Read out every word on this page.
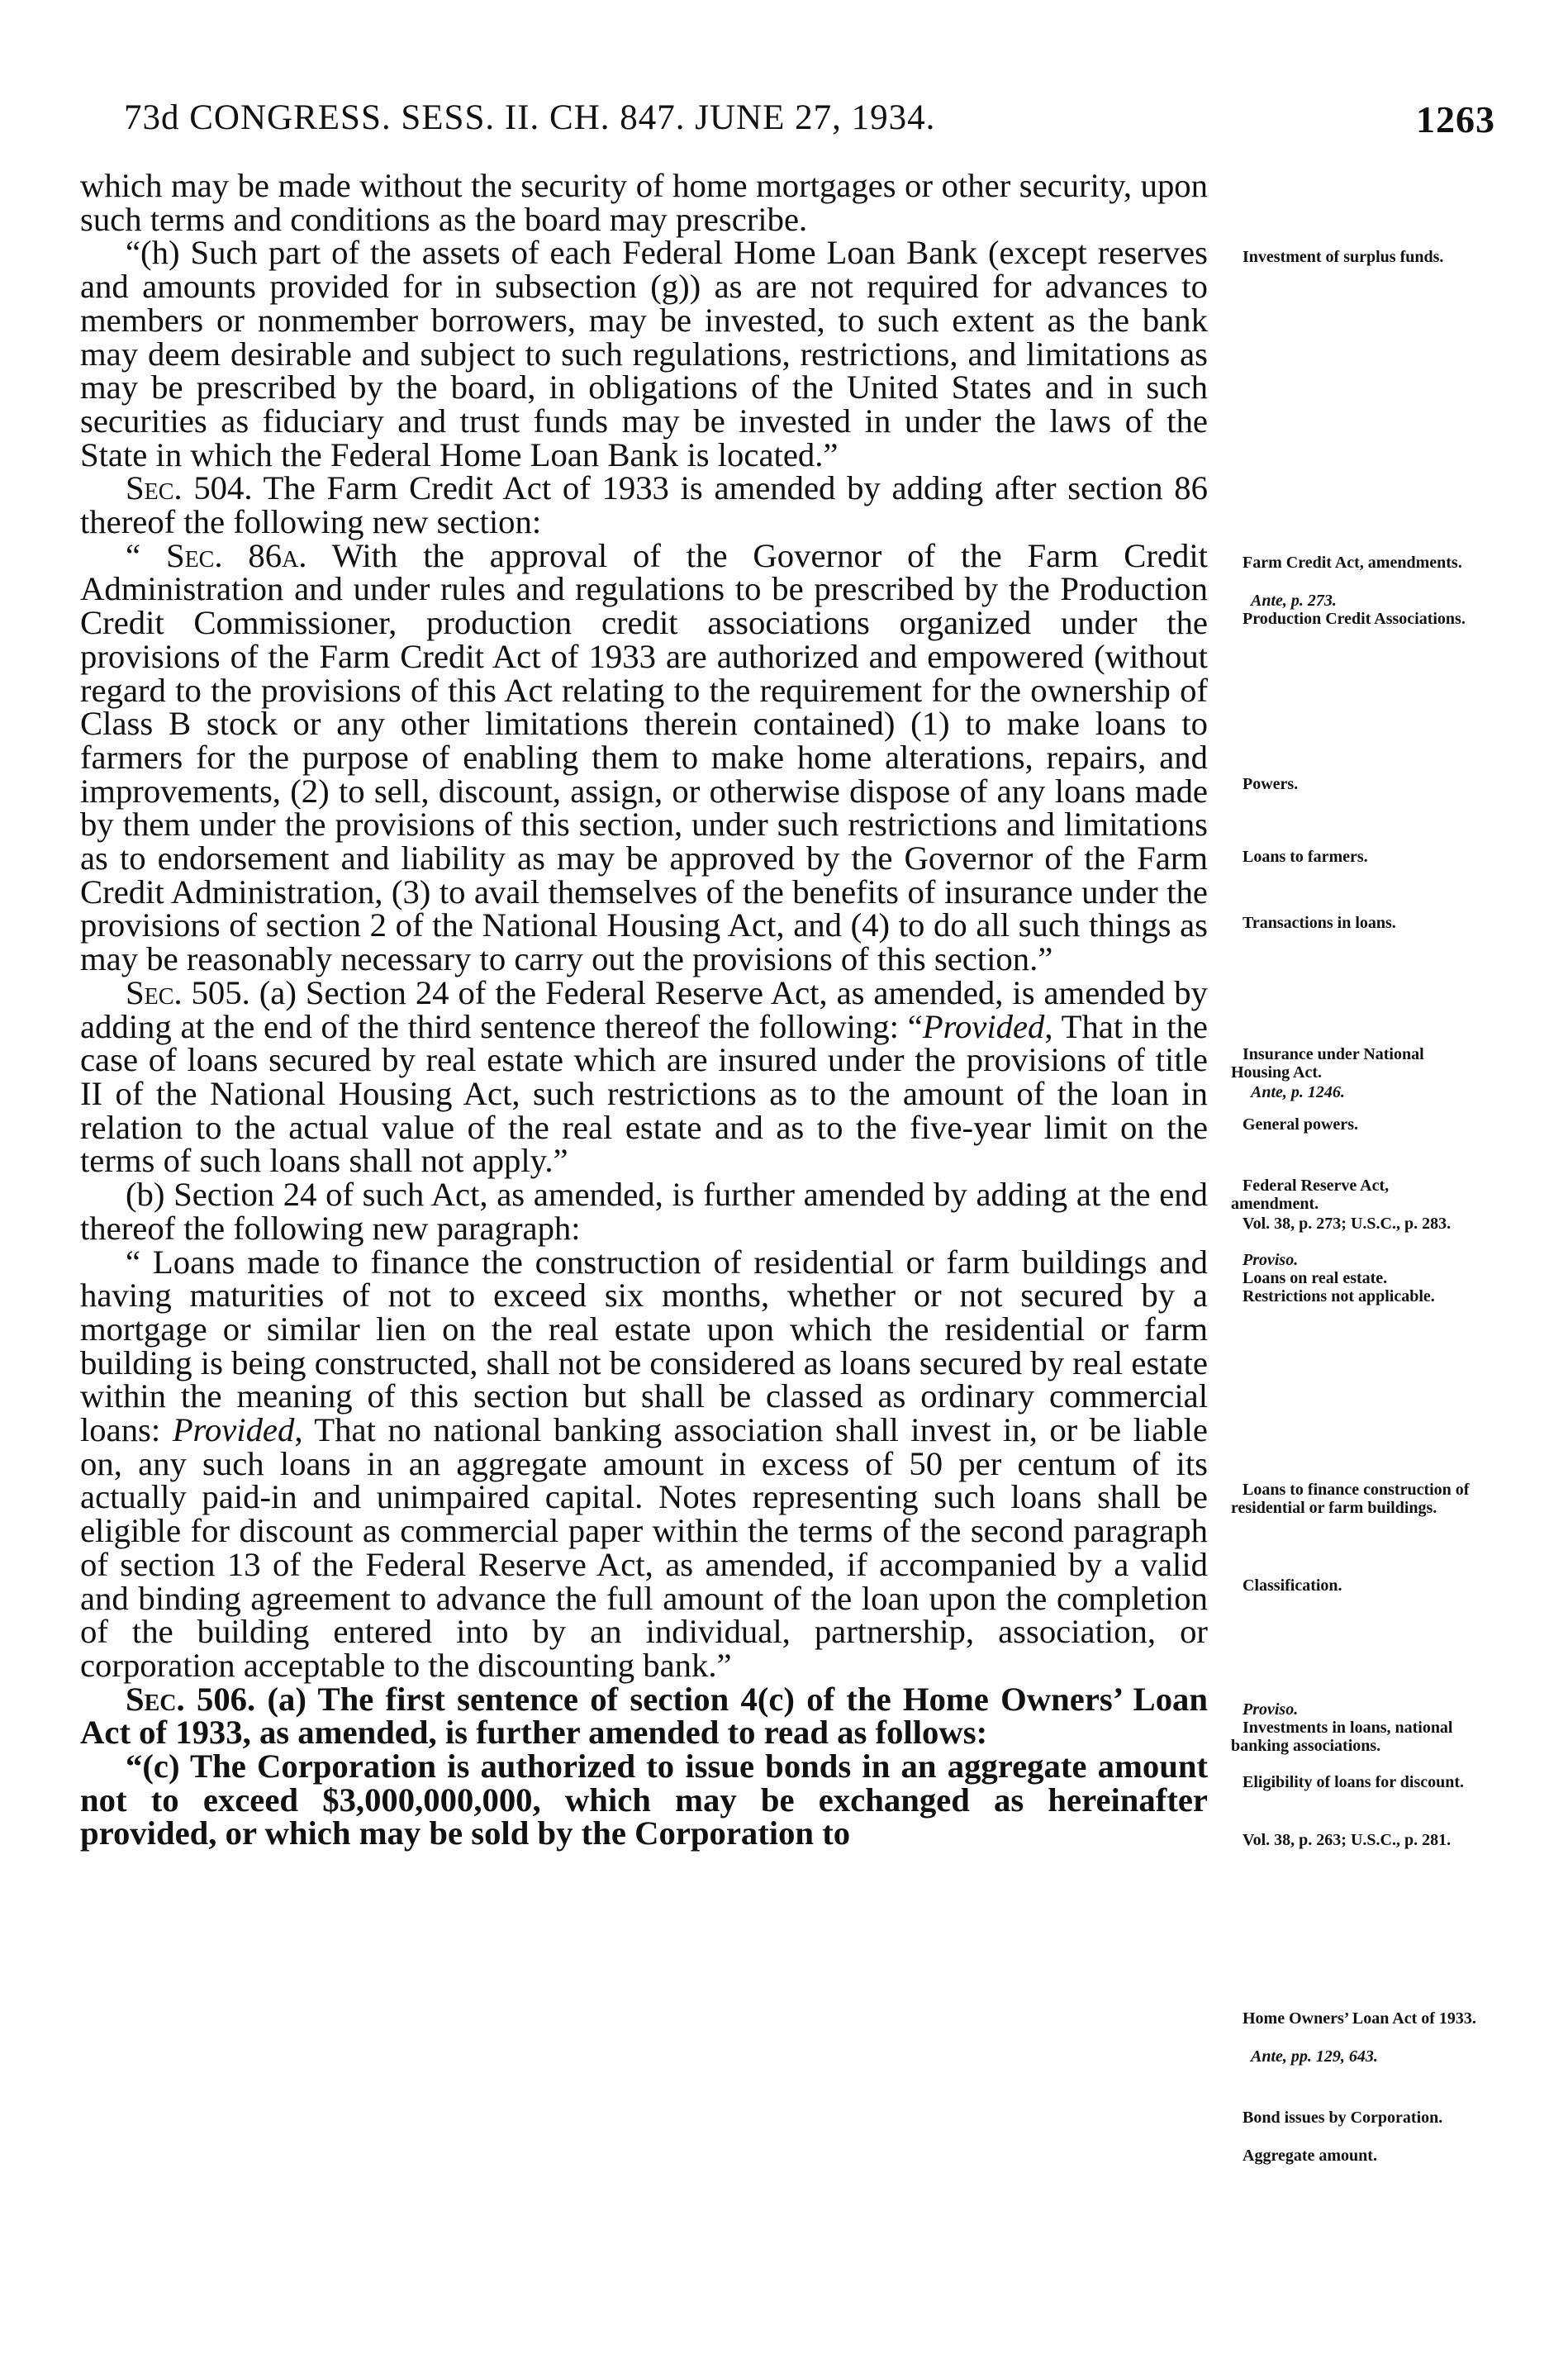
73d CONGRESS. SESS. II. CH. 847. JUNE 27, 1934.	1263

which may be made without the security of home mortgages or other security, upon such terms and conditions as the board may prescribe.

“(h) Such part of the assets of each Federal Home Loan Bank (except reserves and amounts provided for in subsection (g)) as are not required for advances to members or nonmember borrowers, may be invested, to such extent as the bank may deem desirable and subject to such regulations, restrictions, and limitations as may be prescribed by the board, in obligations of the United States and in such securities as fiduciary and trust funds may be invested in under the laws of the State in which the Federal Home Loan Bank is located.”

Sec. 504. The Farm Credit Act of 1933 is amended by adding after section 86 thereof the following new section:

“ Sec. 86a. With the approval of the Governor of the Farm Credit Administration and under rules and regulations to be prescribed by the Production Credit Commissioner, production credit associations organized under the provisions of the Farm Credit Act of 1933 are authorized and empowered (without regard to the provisions of this Act relating to the requirement for the ownership of Class B stock or any other limitations therein contained) (1) to make loans to farmers for the purpose of enabling them to make home alterations, repairs, and improvements, (2) to sell, discount, assign, or otherwise dispose of any loans made by them under the provisions of this section, under such restrictions and limitations as to endorsement and liability as may be approved by the Governor of the Farm Credit Administration, (3) to avail themselves of the benefits of insurance under the provisions of section 2 of the National Housing Act, and (4) to do all such things as may be reasonably necessary to carry out the provisions of this section.”

Sec. 505. (a) Section 24 of the Federal Reserve Act, as amended, is amended by adding at the end of the third sentence thereof the following: “Provided, That in the case of loans secured by real estate which are insured under the provisions of title II of the National Housing Act, such restrictions as to the amount of the loan in relation to the actual value of the real estate and as to the five-year limit on the terms of such loans shall not apply.”

(b) Section 24 of such Act, as amended, is further amended by adding at the end thereof the following new paragraph:

“ Loans made to finance the construction of residential or farm buildings and having maturities of not to exceed six months, whether or not secured by a mortgage or similar lien on the real estate upon which the residential or farm building is being constructed, shall not be considered as loans secured by real estate within the meaning of this section but shall be classed as ordinary commercial loans: Provided, That no national banking association shall invest in, or be liable on, any such loans in an aggregate amount in excess of 50 per centum of its actually paid-in and unimpaired capital. Notes representing such loans shall be eligible for discount as commercial paper within the terms of the second paragraph of section 13 of the Federal Reserve Act, as amended, if accompanied by a valid and binding agreement to advance the full amount of the loan upon the completion of the building entered into by an individual, partnership, association, or corporation acceptable to the discounting bank.”

Sec. 506. (a) The first sentence of section 4(c) of the Home Owners’ Loan Act of 1933, as amended, is further amended to read as follows:

“(c) The Corporation is authorized to issue bonds in an aggregate amount not to exceed $3,000,000,000, which may be exchanged as hereinafter provided, or which may be sold by the Corporation to

Investment of surplus funds.
Farm Credit Act, amendments.
Ante, p. 273.
Production Credit Associations.
Powers.
Loans to farmers.
Transactions in loans.
Insurance under National Housing Act.
Ante, p. 1246.
General powers.
Federal Reserve Act, amendment.
Vol. 38, p. 273; U.S.C., p. 283.
Proviso.
Loans on real estate.
Restrictions not applicable.
Loans to finance construction of residential or farm buildings.
Classification.
Proviso.
Investments in loans, national banking associations.
Eligibility of loans for discount.
Vol. 38, p. 263; U.S.C., p. 281.
Home Owners’ Loan Act of 1933.
Ante, pp. 129, 643.
Bond issues by Corporation.
Aggregate amount.
